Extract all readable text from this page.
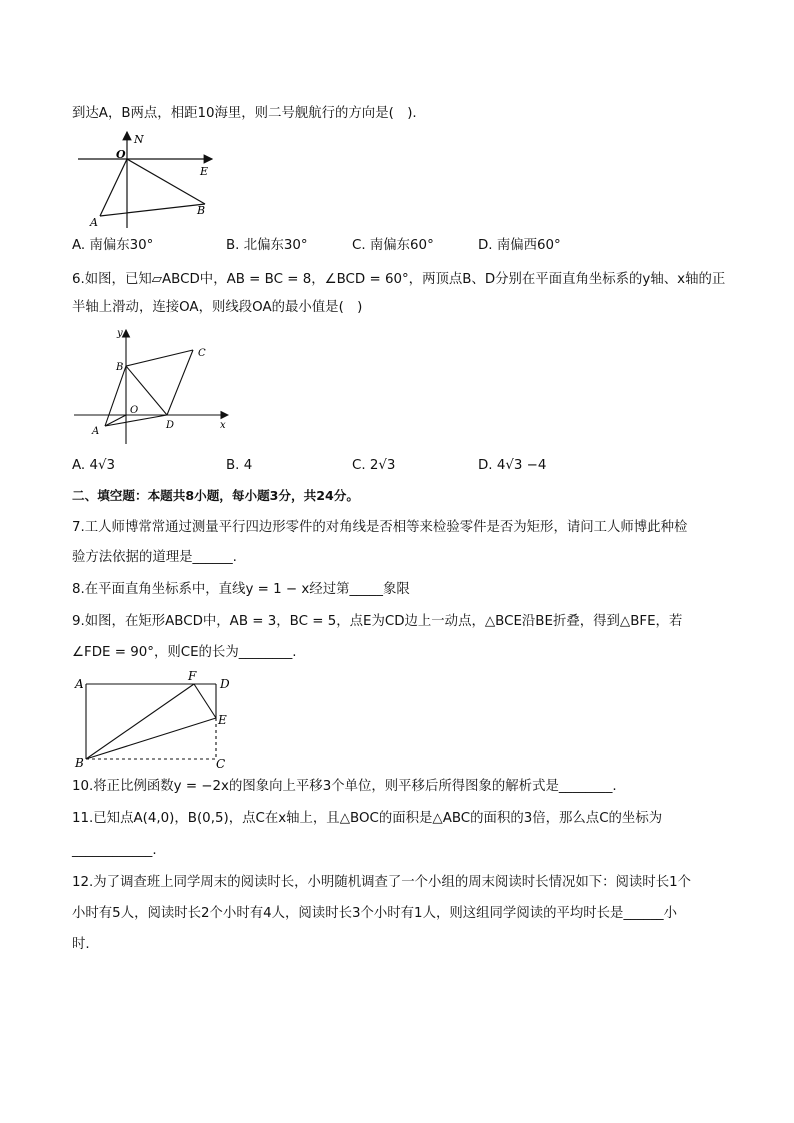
到达A，B两点，相距10海里，则二号舰航行的方向是(　).
N
O
E
A
B
A. 南偏东30°	B. 北偏东30°	C. 南偏东60°	D. 南偏西60°
6.如图，已知▱ABCD中，AB = BC = 8，∠BCD = 60°，两顶点B、D分别在平面直角坐标系的y轴、x轴的正
半轴上滑动，连接OA，则线段OA的最小值是(　)
y
x
B
C
O
A
D
A. 4√3	B. 4	C. 2√3	D. 4√3 −4
二、填空题：本题共8小题，每小题3分，共24分。
7.工人师博常常通过测量平行四边形零件的对角线是否相等来检验零件是否为矩形，请问工人师博此种检
验方法依据的道理是______.
8.在平面直角坐标系中，直线y = 1 − x经过第_____象限
9.如图，在矩形ABCD中，AB = 3，BC = 5，点E为CD边上一动点，△BCE沿BE折叠，得到△BFE，若
∠FDE = 90°，则CE的长为________.
A
F
D
E
B	C
10.将正比例函数y = −2x的图象向上平移3个单位，则平移后所得图象的解析式是________.
11.已知点A(4,0)，B(0,5)，点C在x轴上，且△BOC的面积是△ABC的面积的3倍，那么点C的坐标为
____________.
12.为了调查班上同学周末的阅读时长，小明随机调查了一个小组的周末阅读时长情况如下：阅读时长1个
小时有5人，阅读时长2个小时有4人，阅读时长3个小时有1人，则这组同学阅读的平均时长是______小
时.
